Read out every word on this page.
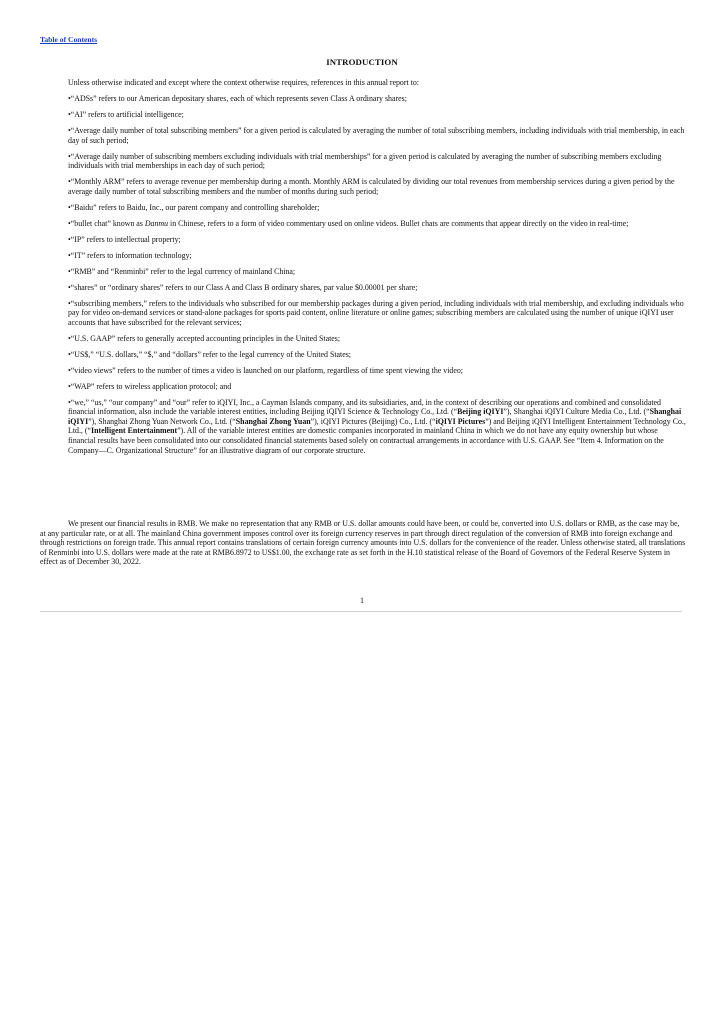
Table of Contents
INTRODUCTION

Unless otherwise indicated and except where the context otherwise requires, references in this annual report to:

•“ADSs” refers to our American depositary shares, each of which represents seven Class A ordinary shares;

•“AI” refers to artificial intelligence;

•“Average daily number of total subscribing members” for a given period is calculated by averaging the number of total subscribing members, including individuals with trial membership, in each day of such period;

•“Average daily number of subscribing members excluding individuals with trial memberships” for a given period is calculated by averaging the number of subscribing members excluding individuals with trial memberships in each day of such period;

•“Monthly ARM” refers to average revenue per membership during a month. Monthly ARM is calculated by dividing our total revenues from membership services during a given period by the average daily number of total subscribing members and the number of months during such period;

•“Baidu” refers to Baidu, Inc., our parent company and controlling shareholder;

•“bullet chat” known as Danmu in Chinese, refers to a form of video commentary used on online videos. Bullet chats are comments that appear directly on the video in real-time;

•“IP” refers to intellectual property;

•“IT” refers to information technology;

•“RMB” and “Renminbi” refer to the legal currency of mainland China;

•“shares” or “ordinary shares” refers to our Class A and Class B ordinary shares, par value $0.00001 per share;

•“subscribing members,” refers to the individuals who subscribed for our membership packages during a given period, including individuals with trial membership, and excluding individuals who pay for video on-demand services or stand-alone packages for sports paid content, online literature or online games; subscribing members are calculated using the number of unique iQIYI user accounts that have subscribed for the relevant services;

•“U.S. GAAP” refers to generally accepted accounting principles in the United States;

•“US$,” “U.S. dollars,” “$,” and “dollars” refer to the legal currency of the United States;

•“video views” refers to the number of times a video is launched on our platform, regardless of time spent viewing the video;

•“WAP” refers to wireless application protocol; and

•“we,” “us,” “our company” and “our” refer to iQIYI, Inc., a Cayman Islands company, and its subsidiaries, and, in the context of describing our operations and combined and consolidated financial information, also include the variable interest entities, including Beijing iQIYI Science & Technology Co., Ltd. (“Beijing iQIYI”), Shanghai iQIYI Culture Media Co., Ltd. (“Shanghai iQIYI”), Shanghai Zhong Yuan Network Co., Ltd. (“Shanghai Zhong Yuan”), iQIYI Pictures (Beijing) Co., Ltd. (“iQIYI Pictures”) and Beijing iQIYI Intelligent Entertainment Technology Co., Ltd., (“Intelligent Entertainment”). All of the variable interest entities are domestic companies incorporated in mainland China in which we do not have any equity ownership but whose financial results have been consolidated into our consolidated financial statements based solely on contractual arrangements in accordance with U.S. GAAP. See “Item 4. Information on the Company—C. Organizational Structure” for an illustrative diagram of our corporate structure.

We present our financial results in RMB. We make no representation that any RMB or U.S. dollar amounts could have been, or could be, converted into U.S. dollars or RMB, as the case may be, at any particular rate, or at all. The mainland China government imposes control over its foreign currency reserves in part through direct regulation of the conversion of RMB into foreign exchange and through restrictions on foreign trade. This annual report contains translations of certain foreign currency amounts into U.S. dollars for the convenience of the reader. Unless otherwise stated, all translations of Renminbi into U.S. dollars were made at the rate at RMB6.8972 to US$1.00, the exchange rate as set forth in the H.10 statistical release of the Board of Governors of the Federal Reserve System in effect as of December 30, 2022.

1
